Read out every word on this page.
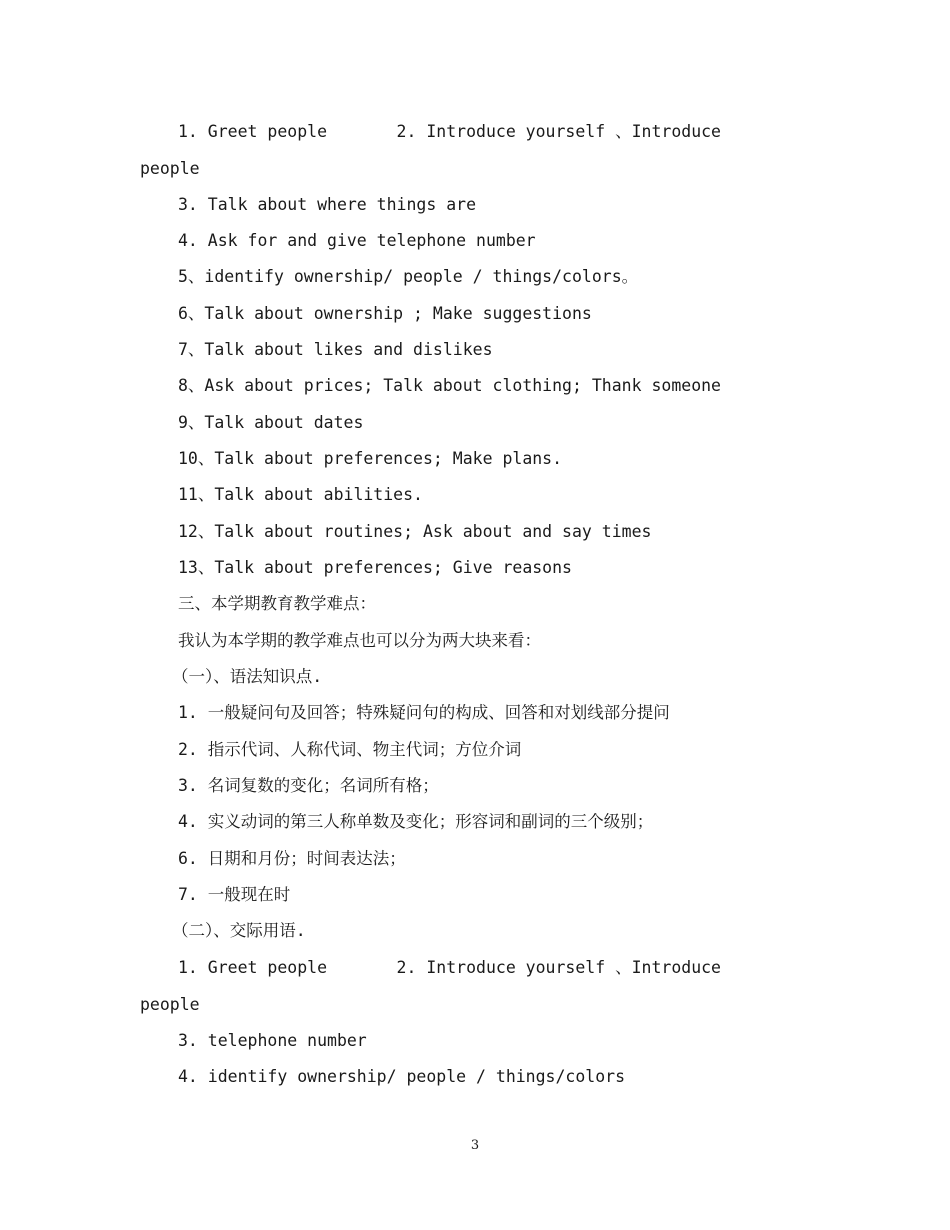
1. Greet people       2. Introduce yourself 、Introduce
people
3. Talk about where things are
4. Ask for and give telephone number
5、identify ownership/ people / things/colors。
6、Talk about ownership ; Make suggestions
7、Talk about likes and dislikes
8、Ask about prices; Talk about clothing; Thank someone
9、Talk about dates
10、Talk about preferences; Make plans.
11、Talk about abilities.
12、Talk about routines; Ask about and say times
13、Talk about preferences; Give reasons
三、本学期教育教学难点：
我认为本学期的教学难点也可以分为两大块来看：
（一）、语法知识点.
1. 一般疑问句及回答；特殊疑问句的构成、回答和对划线部分提问
2. 指示代词、人称代词、物主代词；方位介词
3. 名词复数的变化；名词所有格；
4. 实义动词的第三人称单数及变化；形容词和副词的三个级别；
6. 日期和月份；时间表达法；
7. 一般现在时
（二）、交际用语.
1. Greet people       2. Introduce yourself 、Introduce
people
3. telephone number
4. identify ownership/ people / things/colors
3
